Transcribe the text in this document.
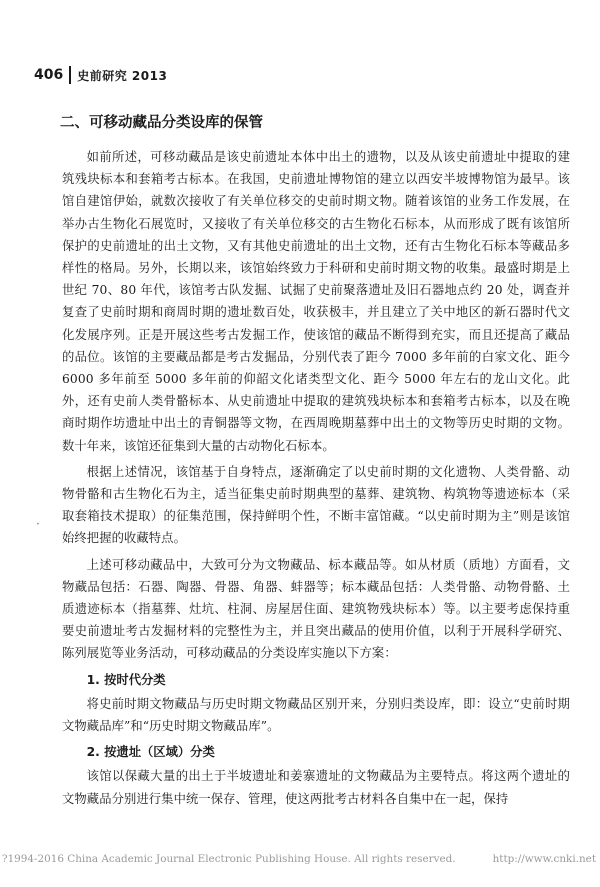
406 史前研究 2013
二、可移动藏品分类设库的保管

如前所述，可移动藏品是该史前遗址本体中出土的遗物，以及从该史前遗址中提取的建筑残块标本和套箱考古标本。在我国，史前遗址博物馆的建立以西安半坡博物馆为最早。该馆自建馆伊始，就数次接收了有关单位移交的史前时期文物。随着该馆的业务工作发展，在举办古生物化石展览时，又接收了有关单位移交的古生物化石标本，从而形成了既有该馆所保护的史前遗址的出土文物，又有其他史前遗址的出土文物，还有古生物化石标本等藏品多样性的格局。另外，长期以来，该馆始终致力于科研和史前时期文物的收集。最盛时期是上世纪 70、80 年代，该馆考古队发掘、试掘了史前聚落遗址及旧石器地点约 20 处，调查并复查了史前时期和商周时期的遗址数百处，收获极丰，并且建立了关中地区的新石器时代文化发展序列。正是开展这些考古发掘工作，使该馆的藏品不断得到充实，而且还提高了藏品的品位。该馆的主要藏品都是考古发掘品，分别代表了距今 7000 多年前的白家文化、距今 6000 多年前至 5000 多年前的仰韶文化诸类型文化、距今 5000 年左右的龙山文化。此外，还有史前人类骨骼标本、从史前遗址中提取的建筑残块标本和套箱考古标本，以及在晚商时期作坊遗址中出土的青铜器等文物，在西周晚期墓葬中出土的文物等历史时期的文物。数十年来，该馆还征集到大量的古动物化石标本。

根据上述情况，该馆基于自身特点，逐渐确定了以史前时期的文化遗物、人类骨骼、动物骨骼和古生物化石为主，适当征集史前时期典型的墓葬、建筑物、构筑物等遗迹标本（采取套箱技术提取）的征集范围，保持鲜明个性，不断丰富馆藏。“以史前时期为主”则是该馆始终把握的收藏特点。

上述可移动藏品中，大致可分为文物藏品、标本藏品等。如从材质（质地）方面看，文物藏品包括：石器、陶器、骨器、角器、蚌器等；标本藏品包括：人类骨骼、动物骨骼、土质遗迹标本（指墓葬、灶坑、柱洞、房屋居住面、建筑物残块标本）等。以主要考虑保持重要史前遗址考古发掘材料的完整性为主，并且突出藏品的使用价值，以利于开展科学研究、陈列展览等业务活动，可移动藏品的分类设库实施以下方案：

1. 按时代分类

将史前时期文物藏品与历史时期文物藏品区别开来，分别归类设库，即：设立“史前时期文物藏品库”和“历史时期文物藏品库”。

2. 按遗址（区域）分类

该馆以保藏大量的出土于半坡遗址和姜寨遗址的文物藏品为主要特点。将这两个遗址的文物藏品分别进行集中统一保存、管理，使这两批考古材料各自集中在一起，保持

·
?1994-2016 China Academic Journal Electronic Publishing House. All rights reserved.	http://www.cnki.net
